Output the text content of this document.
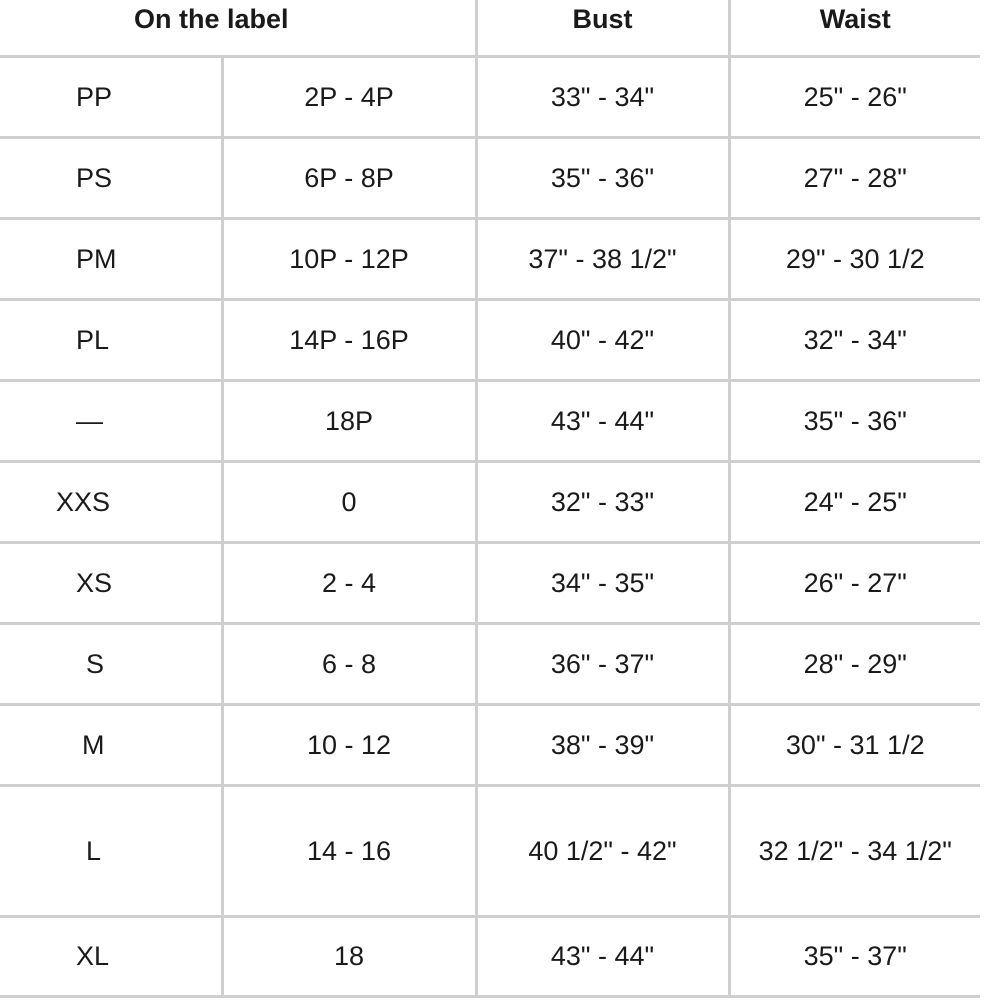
On the label		Bust	Waist
PP	2P - 4P	33" - 34"	25" - 26"
PS	6P - 8P	35" - 36"	27" - 28"
PM	10P - 12P	37" - 38 1/2"	29" - 30 1/2
PL	14P - 16P	40" - 42"	32" - 34"
—	18P	43" - 44"	35" - 36"
XXS	0	32" - 33"	24" - 25"
XS	2 - 4	34" - 35"	26" - 27"
S	6 - 8	36" - 37"	28" - 29"
M	10 - 12	38" - 39"	30" - 31 1/2
L	14 - 16	40 1/2" - 42"	32 1/2" - 34 1/2"
XL	18	43" - 44"	35" - 37"
